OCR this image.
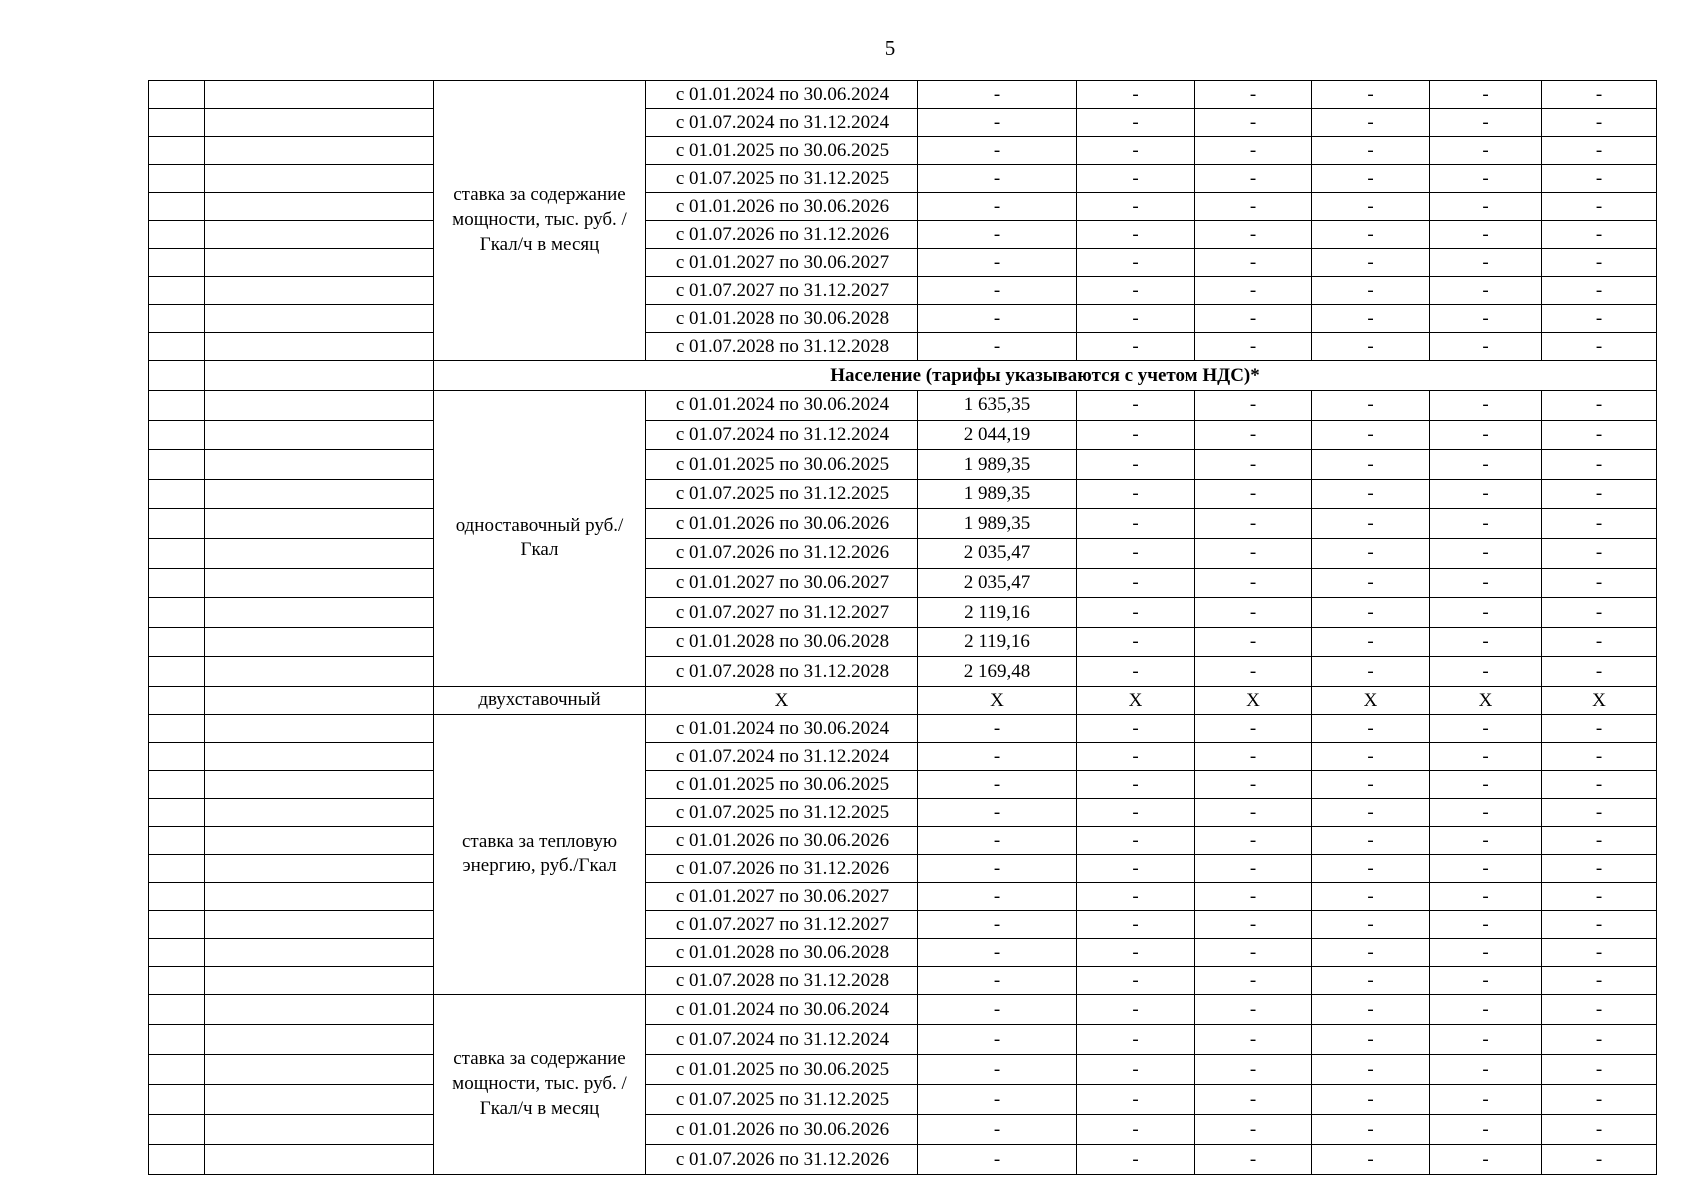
5
		ставка за содержание мощности, тыс. руб. /Гкал/ч в месяц	с 01.01.2024 по 30.06.2024	-	-	-	-	-	-
			с 01.07.2024 по 31.12.2024	-	-	-	-	-	-
			с 01.01.2025 по 30.06.2025	-	-	-	-	-	-
			с 01.07.2025 по 31.12.2025	-	-	-	-	-	-
			с 01.01.2026 по 30.06.2026	-	-	-	-	-	-
			с 01.07.2026 по 31.12.2026	-	-	-	-	-	-
			с 01.01.2027 по 30.06.2027	-	-	-	-	-	-
			с 01.07.2027 по 31.12.2027	-	-	-	-	-	-
			с 01.01.2028 по 30.06.2028	-	-	-	-	-	-
			с 01.07.2028 по 31.12.2028	-	-	-	-	-	-
		Население (тарифы указываются с учетом НДС)*							
		одноставочный руб./Гкал	с 01.01.2024 по 30.06.2024	1 635,35	-	-	-	-	-
			с 01.07.2024 по 31.12.2024	2 044,19	-	-	-	-	-
			с 01.01.2025 по 30.06.2025	1 989,35	-	-	-	-	-
			с 01.07.2025 по 31.12.2025	1 989,35	-	-	-	-	-
			с 01.01.2026 по 30.06.2026	1 989,35	-	-	-	-	-
			с 01.07.2026 по 31.12.2026	2 035,47	-	-	-	-	-
			с 01.01.2027 по 30.06.2027	2 035,47	-	-	-	-	-
			с 01.07.2027 по 31.12.2027	2 119,16	-	-	-	-	-
			с 01.01.2028 по 30.06.2028	2 119,16	-	-	-	-	-
			с 01.07.2028 по 31.12.2028	2 169,48	-	-	-	-	-
		двухставочный	X	X	X	X	X	X	X
		ставка за тепловую энергию, руб./Гкал	с 01.01.2024 по 30.06.2024	-	-	-	-	-	-
			с 01.07.2024 по 31.12.2024	-	-	-	-	-	-
			с 01.01.2025 по 30.06.2025	-	-	-	-	-	-
			с 01.07.2025 по 31.12.2025	-	-	-	-	-	-
			с 01.01.2026 по 30.06.2026	-	-	-	-	-	-
			с 01.07.2026 по 31.12.2026	-	-	-	-	-	-
			с 01.01.2027 по 30.06.2027	-	-	-	-	-	-
			с 01.07.2027 по 31.12.2027	-	-	-	-	-	-
			с 01.01.2028 по 30.06.2028	-	-	-	-	-	-
			с 01.07.2028 по 31.12.2028	-	-	-	-	-	-
		ставка за содержание мощности, тыс. руб. /Гкал/ч в месяц	с 01.01.2024 по 30.06.2024	-	-	-	-	-	-
			с 01.07.2024 по 31.12.2024	-	-	-	-	-	-
			с 01.01.2025 по 30.06.2025	-	-	-	-	-	-
			с 01.07.2025 по 31.12.2025	-	-	-	-	-	-
			с 01.01.2026 по 30.06.2026	-	-	-	-	-	-
			с 01.07.2026 по 31.12.2026	-	-	-	-	-	-
